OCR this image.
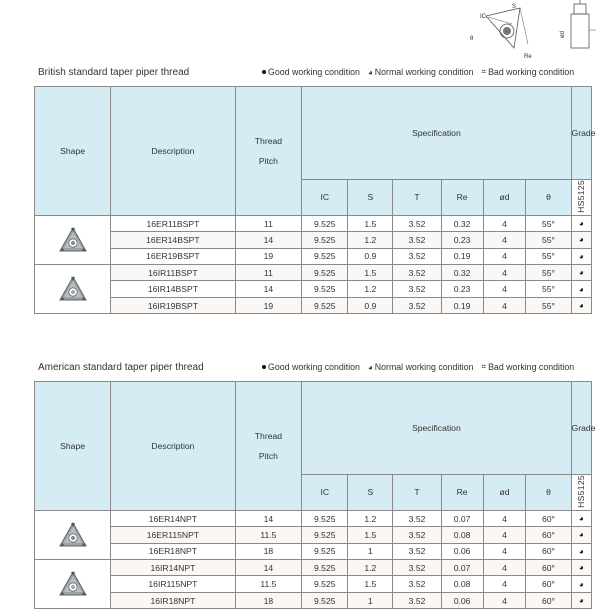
IC
S
θ
Re
ød
British standard taper piper thread	Good working condition ◕ Normal working condition ⌗ Bad working condition
Shape	Description	Thread

Pitch	Specification						Grade
			IC	S	T	Re	ød	θ	HS5125

	16ER11BSPT	11	9.525	1.5	3.52	0.32	4	55°	◕
	16ER14BSPT	14	9.525	1.2	3.52	0.23	4	55°	◕
	16ER19BSPT	19	9.525	0.9	3.52	0.19	4	55°	◕

	16IR11BSPT	11	9.525	1.5	3.52	0.32	4	55°	◕
	16IR14BSPT	14	9.525	1.2	3.52	0.23	4	55°	◕
	16IR19BSPT	19	9.525	0.9	3.52	0.19	4	55°	◕
American standard taper piper thread	Good working condition ◕ Normal working condition ⌗ Bad working condition
Shape	Description	Thread

Pitch	Specification						Grade
			IC	S	T	Re	ød	θ	HS5125

	16ER14NPT	14	9.525	1.2	3.52	0.07	4	60°	◕
	16ER115NPT	11.5	9.525	1.5	3.52	0.08	4	60°	◕
	16ER18NPT	18	9.525	1	3.52	0.06	4	60°	◕

	16IR14NPT	14	9.525	1.2	3.52	0.07	4	60°	◕
	16IR115NPT	11.5	9.525	1.5	3.52	0.08	4	60°	◕
	16IR18NPT	18	9.525	1	3.52	0.06	4	60°	◕
